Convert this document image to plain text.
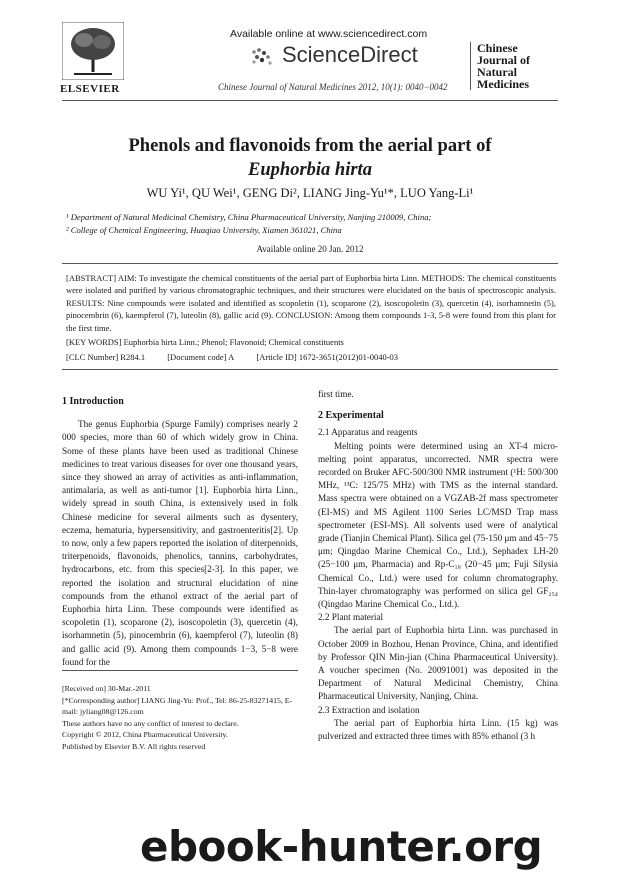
ELSEVIER
Available online at www.sciencedirect.com
ScienceDirect
Chinese Journal of Natural Medicines 2012, 10(1): 0040−0042
Chinese
Journal of
Natural
Medicines
Phenols and flavonoids from the aerial part of
Euphorbia hirta
WU Yi¹, QU Wei¹, GENG Di², LIANG Jing-Yu¹*, LUO Yang-Li¹
¹ Department of Natural Medicinal Chemistry, China Pharmaceutical University, Nanjing 210009, China;
² College of Chemical Engineering, Huaqiao University, Xiamen 361021, China
Available online 20 Jan. 2012
[ABSTRACT] AIM: To investigate the chemical constituents of the aerial part of Euphorbia hirta Linn. METHODS: The chemical constituents were isolated and purified by various chromatographic techniques, and their structures were elucidated on the basis of spectroscopic analysis. RESULTS: Nine compounds were isolated and identified as scopoletin (1), scoparone (2), isoscopoletin (3), quercetin (4), isorhamnetin (5), pinocembrin (6), kaempferol (7), luteolin (8), gallic acid (9). CONCLUSION: Among them compounds 1-3, 5-8 were found from this plant for the first time.
[KEY WORDS] Euphorbia hirta Linn.; Phenol; Flavonoid; Chemical constituents
[CLC Number] R284.1	[Document code] A	[Article ID] 1672-3651(2012)01-0040-03
1 Introduction

The genus Euphorbia (Spurge Family) comprises nearly 2 000 species, more than 60 of which widely grow in China. Some of these plants have been used as traditional Chinese medicines to treat various diseases for over one thousand years, since they showed an array of activities as anti-inflammation, antimalaria, as well as anti-tumor [1]. Euphorbia hirta Linn., widely spread in south China, is extensively used in folk Chinese medicine for several ailments such as dysentery, eczema, hematuria, hypersensitivity, and gastroenteritis[2]. Up to now, only a few papers reported the isolation of diterpenoids, triterpenoids, flavonoids, phenolics, tannins, carbohydrates, hydrocarbons, etc. from this species[2-3]. In this paper, we reported the isolation and structural elucidation of nine compounds from the ethanol extract of the aerial part of Euphorbia hirta Linn. These compounds were identified as scopoletin (1), scoparone (2), isoscopoletin (3), quercetin (4), isorhamnetin (5), pinocembrin (6), kaempferol (7), luteolin (8) and gallic acid (9). Among them compounds 1−3, 5−8 were found for the

[Received on] 30-Mar.-2011
[*Corresponding author] LIANG Jing-Yu: Prof., Tel: 86-25-83271415, E-mail: jyliang08@126.com
These authors have no any conflict of interest to declare.
Copyright © 2012, China Pharmaceutical University.
Published by Elsevier B.V. All rights reserved

first time.

2 Experimental
2.1 Apparatus and reagents

Melting points were determined using an XT-4 micro-melting point apparatus, uncorrected. NMR spectra were recorded on Bruker AFC-500/300 NMR instrument (¹H: 500/300 MHz, ¹³C: 125/75 MHz) with TMS as the internal standard. Mass spectra were obtained on a VGZAB-2f mass spectrometer (EI-MS) and MS Agilent 1100 Series LC/MSD Trap mass spectrometer (ESI-MS). All solvents used were of analytical grade (Tianjin Chemical Plant). Silica gel (75-150 μm and 45−75 μm; Qingdao Marine Chemical Co., Ltd.), Sephadex LH-20 (25−100 μm, Pharmacia) and Rp-C₁₈ (20−45 μm; Fuji Silysia Chemical Co., Ltd.) were used for column chromatography. Thin-layer chromatography was performed on silica gel GF₂₅₄ (Qingdao Marine Chemical Co., Ltd.).

2.2 Plant material

The aerial part of Euphorbia hirta Linn. was purchased in October 2009 in Bozhou, Henan Province, China, and identified by Professor QIN Min-jian (China Pharmaceutical University). A voucher specimen (No. 20091001) was deposited in the Department of Natural Medicinal Chemistry, China Pharmaceutical University, Nanjing, China.

2.3 Extraction and isolation

The aerial part of Euphorbia hirta Linn. (15 kg) was pulverized and extracted three times with 85% ethanol (3 h

ebook-hunter.org
